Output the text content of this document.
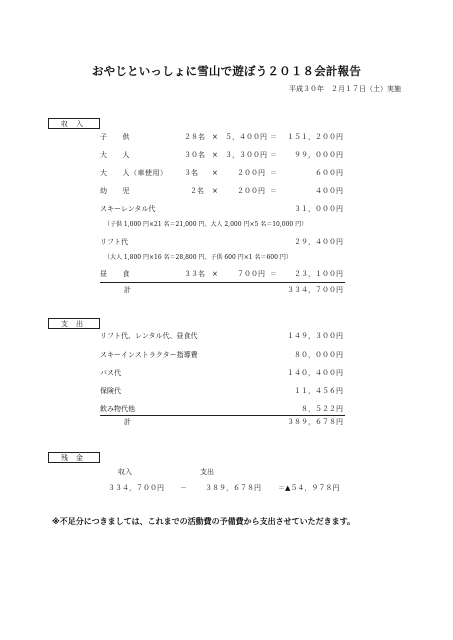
おやじといっしょに雪山で遊ぼう２０１８会計報告
平成３０年　２月１７日（土）実施
収入
子　　供	２８名 × ５，４００円 ＝ １５１，２００円
大　　人	３０名 × ３，３００円 ＝ ９９，０００円
大　　人（車使用） ３名 ×	２００円 ＝	６００円
幼　　児	２名 ×	２００円 ＝	４００円
スキーレンタル代	３１，０００円
（子供 1,000 円×21 名＝21,000 円、大人 2,000 円×5 名＝10,000 円）
リフト代	２９，４００円
（大人 1,800 円×16 名＝28,800 円、子供 600 円×1 名＝600 円）
昼　　食	３３名 ×	７００円 ＝ ２３，１００円
計	３３４，７００円
支出
リフト代、レンタル代、昼食代	１４９，３００円
スキーインストラクター指導費	８０，０００円
バス代	１４０，４００円
保険代	１１，４５６円
飲み物代他	８，５２２円
計	３８９，６７８円
残金
収入	支出
３３４，７００円 －	３８９，６７８円 ＝▲５４，９７８円
※不足分につきましては、これまでの活動費の予備費から支出させていただきます。
